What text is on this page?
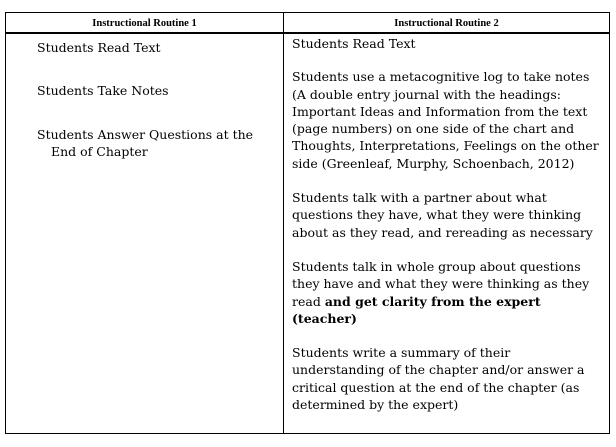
Instructional Routine 1	Instructional Routine 2
Students Read Text
Students Take Notes
Students Answer Questions at the End of Chapter
Students Read Text
Students use a metacognitive log to take notes (A double entry journal with the headings: Important Ideas and Information from the text (page numbers) on one side of the chart and Thoughts, Interpretations, Feelings on the other side (Greenleaf, Murphy, Schoenbach, 2012)
Students talk with a partner about what questions they have, what they were thinking about as they read, and rereading as necessary
Students talk in whole group about questions they have and what they were thinking as they read and get clarity from the expert (teacher)
Students write a summary of their understanding of the chapter and/or answer a critical question at the end of the chapter (as determined by the expert)
